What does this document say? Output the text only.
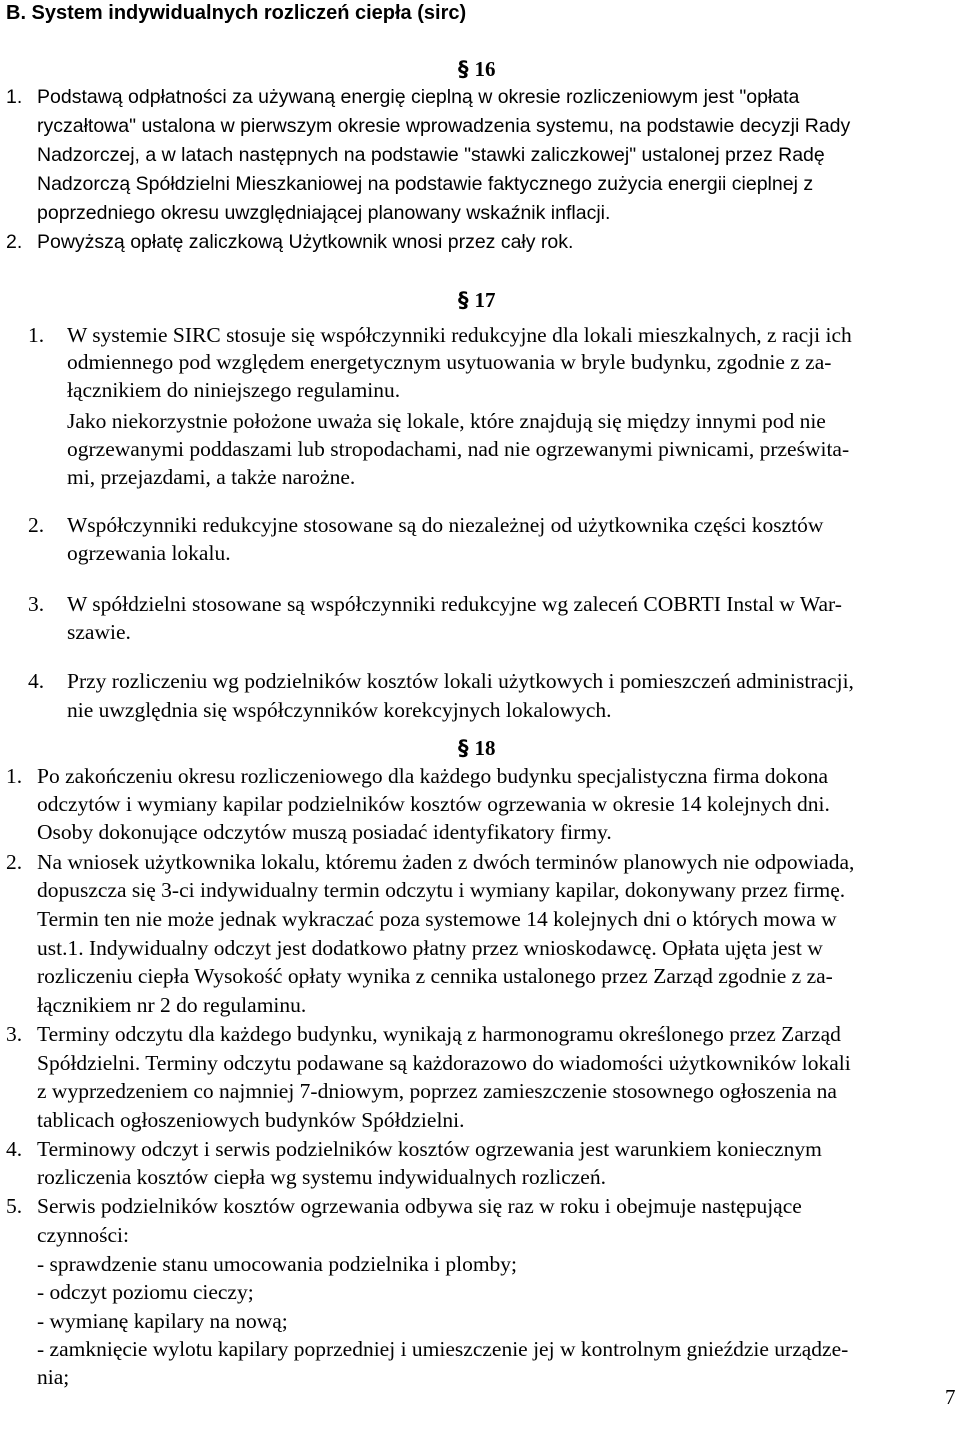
B. System indywidualnych rozliczeń ciepła (sirc)
§ 16
1. Podstawą odpłatności za używaną energię cieplną w okresie rozliczeniowym jest "opłata
ryczałtowa" ustalona w pierwszym okresie wprowadzenia systemu, na podstawie decyzji Rady
Nadzorczej, a w latach następnych na podstawie "stawki zaliczkowej" ustalonej przez Radę
Nadzorczą Spółdzielni Mieszkaniowej na podstawie faktycznego zużycia energii cieplnej z
poprzedniego okresu uwzględniającej planowany wskaźnik inflacji.
2. Powyższą opłatę zaliczkową Użytkownik wnosi przez cały rok.
§ 17
1. W systemie SIRC stosuje się współczynniki redukcyjne dla lokali mieszkalnych, z racji ich
odmiennego pod względem energetycznym usytuowania w bryle budynku, zgodnie z za-
łącznikiem do niniejszego regulaminu.
Jako niekorzystnie położone uważa się lokale, które znajdują się między innymi pod nie
ogrzewanymi poddaszami lub stropodachami, nad nie ogrzewanymi piwnicami, prześwita-
mi, przejazdami, a także narożne.
2. Współczynniki redukcyjne stosowane są do niezależnej od użytkownika części kosztów
ogrzewania lokalu.
3. W spółdzielni stosowane są współczynniki redukcyjne wg zaleceń COBRTI Instal w War-
szawie.
4. Przy rozliczeniu wg podzielników kosztów lokali użytkowych i pomieszczeń administracji,
nie uwzględnia się współczynników korekcyjnych lokalowych.
§ 18
1. Po zakończeniu okresu rozliczeniowego dla każdego budynku specjalistyczna firma dokona
odczytów i wymiany kapilar podzielników kosztów ogrzewania w okresie 14 kolejnych dni.
Osoby dokonujące odczytów muszą posiadać identyfikatory firmy.
2. Na wniosek użytkownika lokalu, któremu żaden z dwóch terminów planowych nie odpowiada,
dopuszcza się 3-ci indywidualny termin odczytu i wymiany kapilar, dokonywany przez firmę.
Termin ten nie może jednak wykraczać poza systemowe 14 kolejnych dni o których mowa w
ust.1. Indywidualny odczyt jest dodatkowo płatny przez wnioskodawcę. Opłata ujęta jest w
rozliczeniu ciepła Wysokość opłaty wynika z cennika ustalonego przez Zarząd zgodnie z za-
łącznikiem nr 2 do regulaminu.
3. Terminy odczytu dla każdego budynku, wynikają z harmonogramu określonego przez Zarząd
Spółdzielni. Terminy odczytu podawane są każdorazowo do wiadomości użytkowników lokali
z wyprzedzeniem co najmniej 7-dniowym, poprzez zamieszczenie stosownego ogłoszenia na
tablicach ogłoszeniowych budynków Spółdzielni.
4. Terminowy odczyt i serwis podzielników kosztów ogrzewania jest warunkiem koniecznym
rozliczenia kosztów ciepła wg systemu indywidualnych rozliczeń.
5. Serwis podzielników kosztów ogrzewania odbywa się raz w roku i obejmuje następujące
czynności:
- sprawdzenie stanu umocowania podzielnika i plomby;
- odczyt poziomu cieczy;
- wymianę kapilary na nową;
- zamknięcie wylotu kapilary poprzedniej i umieszczenie jej w kontrolnym gnieździe urządze-
nia;
7
